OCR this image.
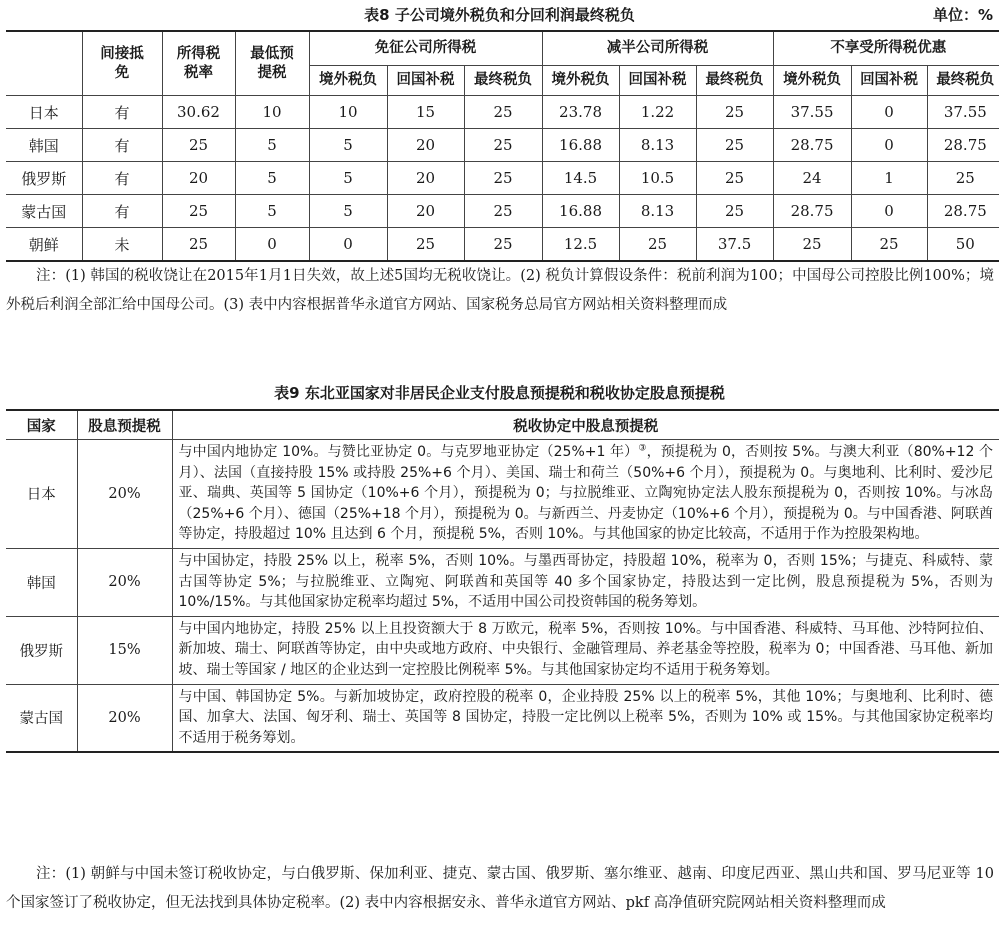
表8 子公司境外税负和分回利润最终税负	单位：%
	间接抵免	所得税税率	最低预提税	免征公司所得税			减半公司所得税			不享受所得税优惠		
				境外税负	回国补税	最终税负	境外税负	回国补税	最终税负	境外税负	回国补税	最终税负
日本	有	30.62	10	10	15	25	23.78	1.22	25	37.55	0	37.55
韩国	有	25	5	5	20	25	16.88	8.13	25	28.75	0	28.75
俄罗斯	有	20	5	5	20	25	14.5	10.5	25	24	1	25
蒙古国	有	25	5	5	20	25	16.88	8.13	25	28.75	0	28.75
朝鲜	未	25	0	0	25	25	12.5	25	37.5	25	25	50

注：(1) 韩国的税收饶让在2015年1月1日失效，故上述5国均无税收饶让。(2) 税负计算假设条件：税前利润为100；中国母公司控股比例100%；境外税后利润全部汇给中国母公司。(3) 表中内容根据普华永道官方网站、国家税务总局官方网站相关资料整理而成

表9 东北亚国家对非居民企业支付股息预提税和税收协定股息预提税
国家	股息预提税	税收协定中股息预提税
日本	20%	与中国内地协定 10%。与赞比亚协定 0。与克罗地亚协定（25%+1 年）③，预提税为 0，否则按 5%。与澳大利亚（80%+12 个月）、法国（直接持股 15% 或持股 25%+6 个月）、美国、瑞士和荷兰（50%+6 个月），预提税为 0。与奥地利、比利时、爱沙尼亚、瑞典、英国等 5 国协定（10%+6 个月），预提税为 0；与拉脱维亚、立陶宛协定法人股东预提税为 0，否则按 10%。与冰岛（25%+6 个月）、德国（25%+18 个月），预提税为 0。与新西兰、丹麦协定（10%+6 个月），预提税为 0。与中国香港、阿联酋等协定，持股超过 10% 且达到 6 个月，预提税 5%，否则 10%。与其他国家的协定比较高，不适用于作为控股架构地。
韩国	20%	与中国协定，持股 25% 以上，税率 5%，否则 10%。与墨西哥协定，持股超 10%，税率为 0，否则 15%；与捷克、科威特、蒙古国等协定 5%；与拉脱维亚、立陶宛、阿联酋和英国等 40 多个国家协定，持股达到一定比例，股息预提税为 5%，否则为 10%/15%。与其他国家协定税率均超过 5%，不适用中国公司投资韩国的税务筹划。
俄罗斯	15%	与中国内地协定，持股 25% 以上且投资额大于 8 万欧元，税率 5%，否则按 10%。与中国香港、科威特、马耳他、沙特阿拉伯、新加坡、瑞士、阿联酋等协定，由中央或地方政府、中央银行、金融管理局、养老基金等控股，税率为 0；中国香港、马耳他、新加坡、瑞士等国家 / 地区的企业达到一定控股比例税率 5%。与其他国家协定均不适用于税务筹划。
蒙古国	20%	与中国、韩国协定 5%。与新加坡协定，政府控股的税率 0，企业持股 25% 以上的税率 5%，其他 10%；与奥地利、比利时、德国、加拿大、法国、匈牙利、瑞士、英国等 8 国协定，持股一定比例以上税率 5%，否则为 10% 或 15%。与其他国家协定税率均不适用于税务筹划。

注：(1) 朝鲜与中国未签订税收协定，与白俄罗斯、保加利亚、捷克、蒙古国、俄罗斯、塞尔维亚、越南、印度尼西亚、黑山共和国、罗马尼亚等 10 个国家签订了税收协定，但无法找到具体协定税率。(2) 表中内容根据安永、普华永道官方网站、pkf 高净值研究院网站相关资料整理而成
